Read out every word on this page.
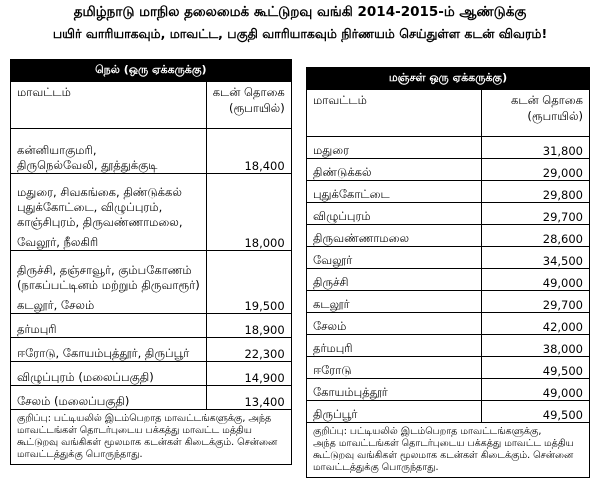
தமிழ்நாடு மாநில தலைமைக் கூட்டுறவு வங்கி 2014-2015-ம் ஆண்டுக்கு
பயிர் வாரியாகவும், மாவட்ட, பகுதி வாரியாகவும் நிர்ணயம் செய்துள்ள கடன் விவரம்!
நெல் (ஒரு ஏக்கருக்கு)	
மாவட்டம்	கடன் தொகை
(ரூபாயில்)

கன்னியாகுமரி,
திருநெல்வேலி, தூத்துக்குடி	18,400

மதுரை, சிவகங்கை, திண்டுக்கல்
புதுக்கோட்டை, விழுப்புரம்,
காஞ்சிபுரம், திருவண்ணாமலை,
வேலூர், நீலகிரி	18,000

திருச்சி, தஞ்சாவூர், கும்பகோணம்
(நாகப்பட்டினம் மற்றும் திருவாரூர்)
கடலூர், சேலம்	19,500

தர்மபுரி	18,900

ஈரோடு, கோயம்புத்தூர், திருப்பூர்	22,300

விழுப்புரம் (மலைப்பகுதி)	14,900

சேலம் (மலைப்பகுதி)	13,400

குறிப்பு: பட்டியலில் இடம்பெறாத மாவட்டங்களுக்கு, அந்த
மாவட்டங்கள் தொடர்புடைய பக்கத்து மாவட்ட மத்திய
கூட்டுறவு வங்கிகள் மூலமாக கடன்கள் கிடைக்கும். சென்னை
மாவட்டத்துக்கு பொருந்தாது.	
மஞ்சள் ஒரு ஏக்கருக்கு)	
மாவட்டம்	கடன் தொகை
(ரூபாயில்)

மதுரை	31,800
திண்டுக்கல்	29,000
புதுக்கோட்டை	29,800
விழுப்புரம்	29,700
திருவண்ணாமலை	28,600
வேலூர்	34,500
திருச்சி	49,000
கடலூர்	29,700
சேலம்	42,000
தர்மபுரி	38,000
ஈரோடு	49,500
கோயம்புத்தூர்	49,000
திருப்பூர்	49,500

குறிப்பு: பட்டியலில் இடம்பெறாத மாவட்டங்களுக்கு,
அந்த மாவட்டங்கள் தொடர்புடைய பக்கத்து மாவட்ட மத்திய
கூட்டுறவு வங்கிகள் மூலமாக கடன்கள் கிடைக்கும். சென்னை
மாவட்டத்துக்கு பொருந்தாது.	
